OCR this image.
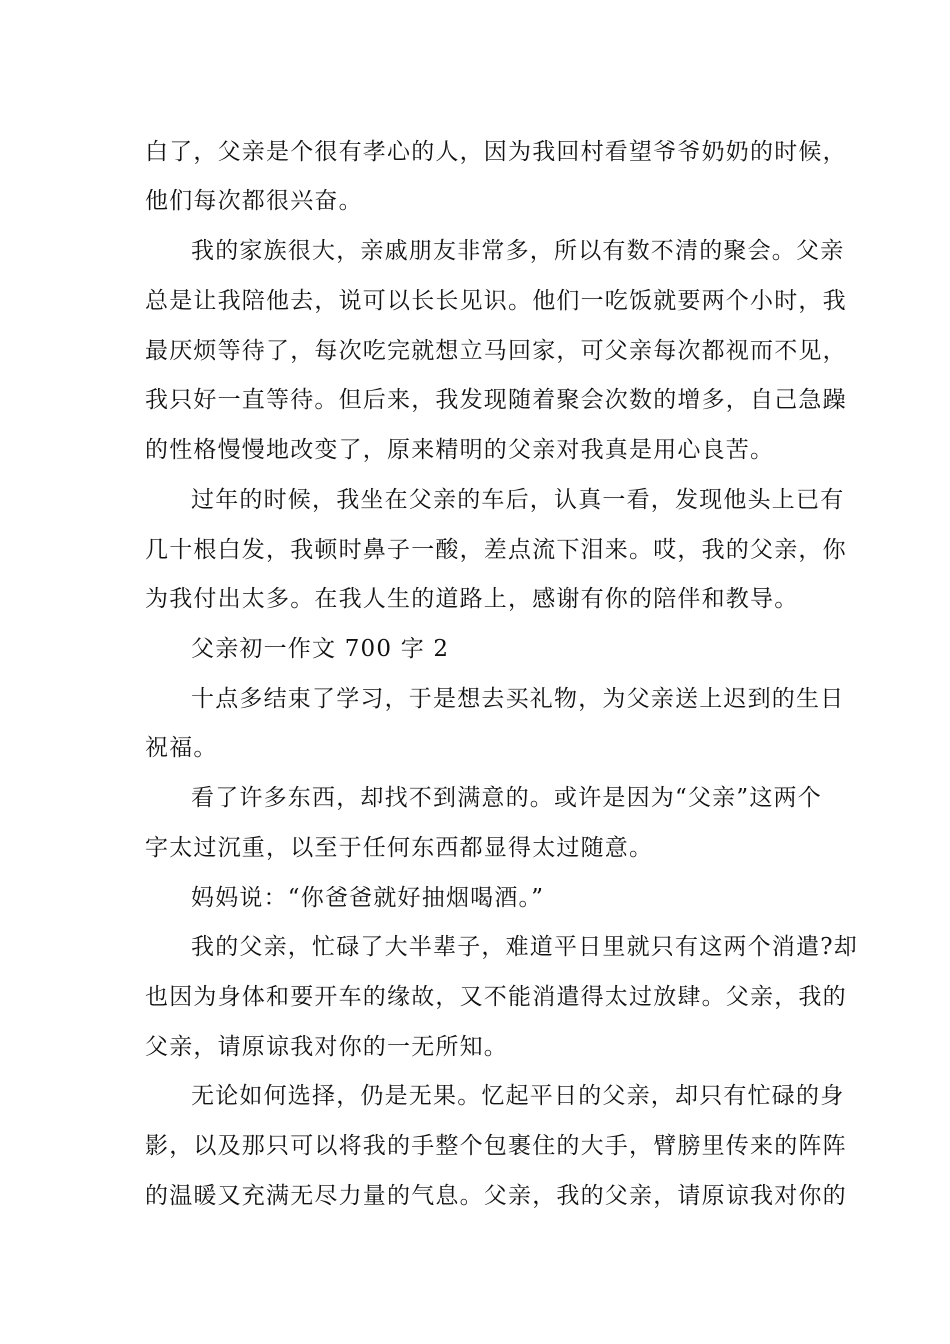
白了，父亲是个很有孝心的人，因为我回村看望爷爷奶奶的时候，
他们每次都很兴奋。
我的家族很大，亲戚朋友非常多，所以有数不清的聚会。父亲
总是让我陪他去，说可以长长见识。他们一吃饭就要两个小时，我
最厌烦等待了，每次吃完就想立马回家，可父亲每次都视而不见，
我只好一直等待。但后来，我发现随着聚会次数的增多，自己急躁
的性格慢慢地改变了，原来精明的父亲对我真是用心良苦。
过年的时候，我坐在父亲的车后，认真一看，发现他头上已有
几十根白发，我顿时鼻子一酸，差点流下泪来。哎，我的父亲，你
为我付出太多。在我人生的道路上，感谢有你的陪伴和教导。
父亲初一作文 700 字 2
十点多结束了学习，于是想去买礼物，为父亲送上迟到的生日
祝福。
看了许多东西，却找不到满意的。或许是因为“父亲”这两个
字太过沉重，以至于任何东西都显得太过随意。
妈妈说：“你爸爸就好抽烟喝酒。”
我的父亲，忙碌了大半辈子，难道平日里就只有这两个消遣?却
也因为身体和要开车的缘故，又不能消遣得太过放肆。父亲，我的
父亲，请原谅我对你的一无所知。
无论如何选择，仍是无果。忆起平日的父亲，却只有忙碌的身
影，以及那只可以将我的手整个包裹住的大手，臂膀里传来的阵阵
的温暖又充满无尽力量的气息。父亲，我的父亲，请原谅我对你的
